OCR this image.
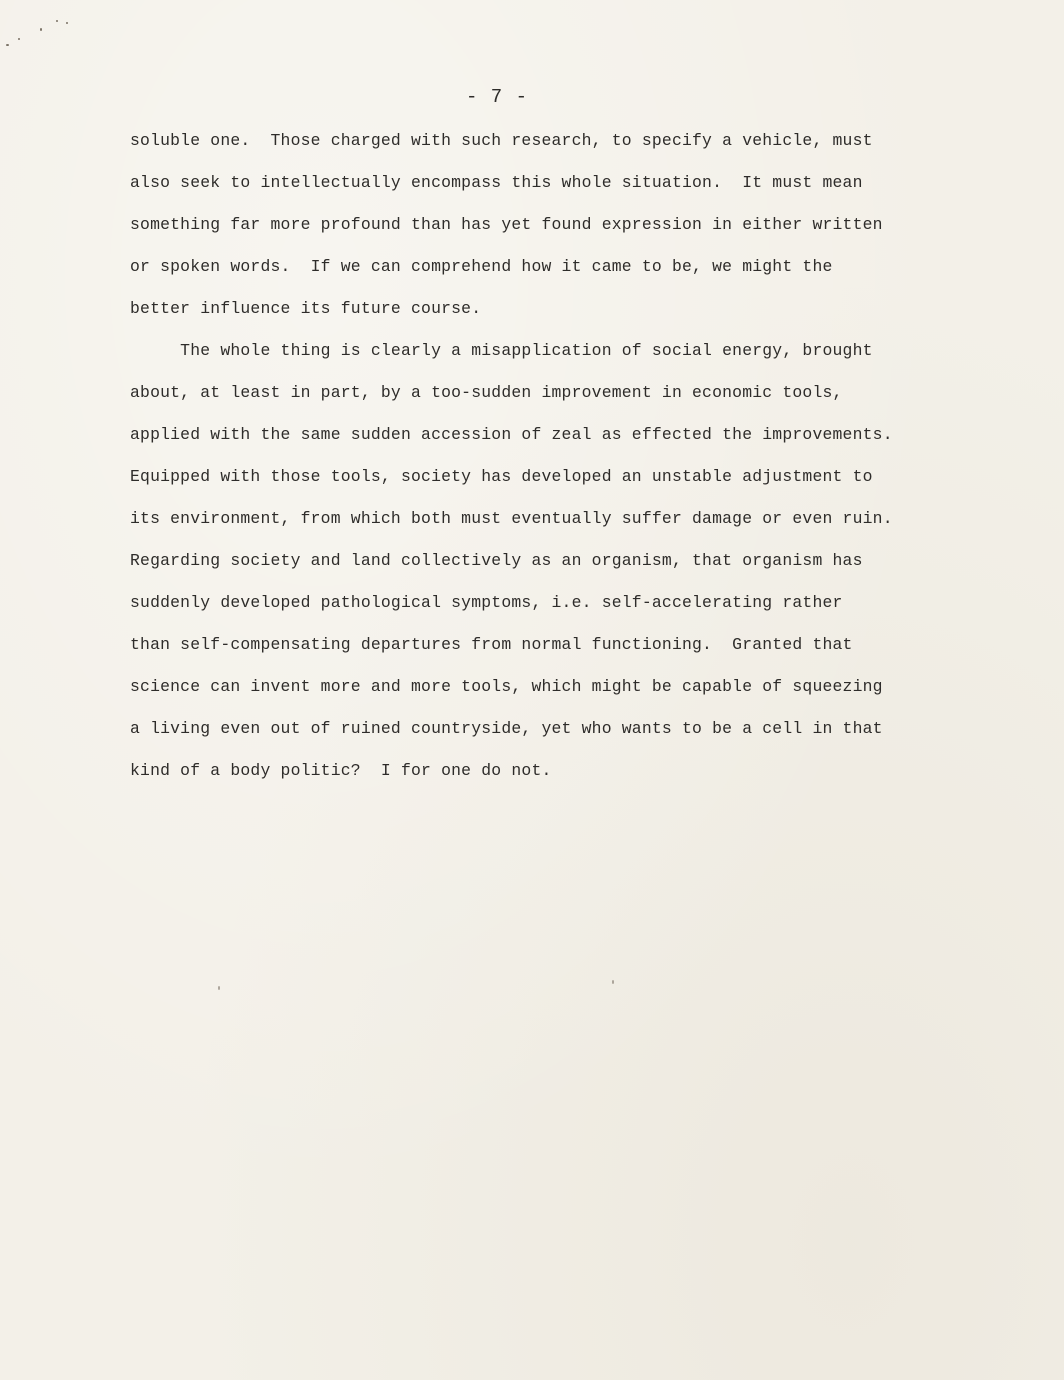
- 7 -
soluble one.  Those charged with such research, to specify a vehicle, must
also seek to intellectually encompass this whole situation.  It must mean
something far more profound than has yet found expression in either written
or spoken words.  If we can comprehend how it came to be, we might the
better influence its future course.
The whole thing is clearly a misapplication of social energy, brought
about, at least in part, by a too-sudden improvement in economic tools,
applied with the same sudden accession of zeal as effected the improvements.
Equipped with those tools, society has developed an unstable adjustment to
its environment, from which both must eventually suffer damage or even ruin.
Regarding society and land collectively as an organism, that organism has
suddenly developed pathological symptoms, i.e. self-accelerating rather
than self-compensating departures from normal functioning.  Granted that
science can invent more and more tools, which might be capable of squeezing
a living even out of ruined countryside, yet who wants to be a cell in that
kind of a body politic?  I for one do not.
